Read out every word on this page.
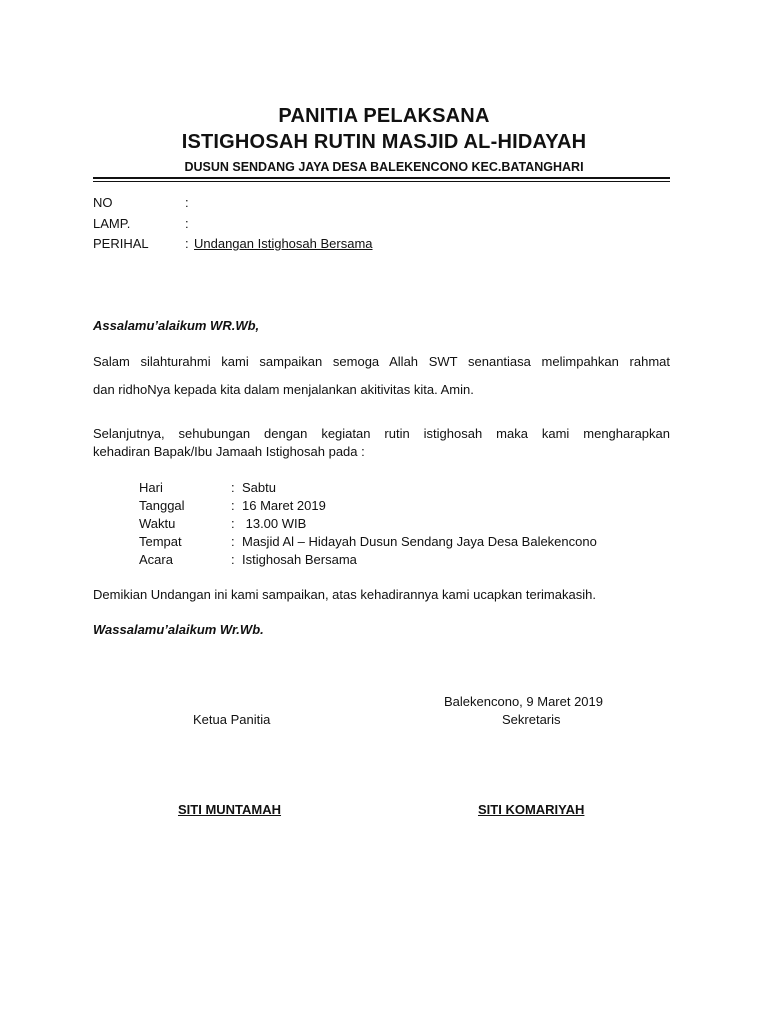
PANITIA PELAKSANA
ISTIGHOSAH RUTIN MASJID AL-HIDAYAH
DUSUN SENDANG JAYA DESA BALEKENCONO KEC.BATANGHARI
NO	:
LAMP.	:
PERIHAL	: Undangan Istighosah Bersama
Assalamu’alaikum WR.Wb,
Salam silahturahmi kami sampaikan semoga Allah SWT senantiasa melimpahkan rahmat
dan ridhoNya kepada kita dalam menjalankan akitivitas kita. Amin.
Selanjutnya, sehubungan dengan kegiatan rutin istighosah maka kami mengharapkan
kehadiran Bapak/Ibu Jamaah Istighosah pada :
Hari	: Sabtu
Tanggal	: 16 Maret 2019
Waktu	: 13.00 WIB
Tempat	: Masjid Al – Hidayah Dusun Sendang Jaya Desa Balekencono
Acara	: Istighosah Bersama
Demikian Undangan ini kami sampaikan, atas kehadirannya kami ucapkan terimakasih.
Wassalamu’alaikum Wr.Wb.
Balekencono, 9 Maret 2019
Ketua Panitia	Sekretaris
SITI MUNTAMAH	SITI KOMARIYAH
